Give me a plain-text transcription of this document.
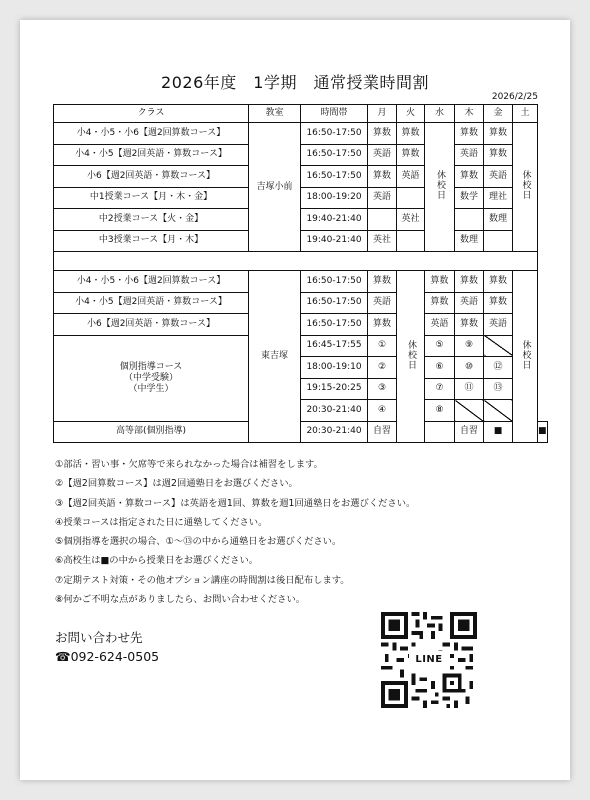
2026年度　1学期　通常授業時間割
2026/2/25
クラス	教室	時間帯	月	火	水	木	金	土	
小4・小5・小6【週2回算数コース】	吉塚小前	16:50-17:50	算数	算数	休校日	算数	算数	休校日	
小4・小5【週2回英語・算数コース】		16:50-17:50	英語	算数		英語	算数		
小6【週2回英語・算数コース】		16:50-17:50	算数	英語		算数	英語		
中1授業コース【月・木・金】		18:00-19:20	英語			数学	理社		
中2授業コース【火・金】		19:40-21:40		英社			数理		
中3授業コース【月・木】		19:40-21:40	英社			数理			

小4・小5・小6【週2回算数コース】	東吉塚	16:50-17:50	算数	休校日	算数	算数	算数	休校日	
小4・小5【週2回英語・算数コース】		16:50-17:50	英語		算数	英語	算数		
小6【週2回英語・算数コース】		16:50-17:50	算数		英語	算数	英語		

個別指導コース
（中学受験）
（中学生）		16:45-17:55	①		⑤	⑨			
		18:00-19:10	②		⑥	⑩	⑫		
		19:15-20:25	③		⑦	⑪	⑬		
		20:30-21:40	④		⑧				
高等部(個別指導)		20:30-21:40	自習			自習	■		■
①部活・習い事・欠席等で来られなかった場合は補習をします。
②【週2回算数コース】は週2回通塾日をお選びください。
③【週2回英語・算数コース】は英語を週1回、算数を週1回通塾日をお選びください。
④授業コースは指定された日に通塾してください。
⑤個別指導を選択の場合、①〜⑬の中から通塾日をお選びください。
⑥高校生は■の中から授業日をお選びください。
⑦定期テスト対策・その他オプション講座の時間割は後日配布します。
⑧何かご不明な点がありましたら、お問い合わせください。
お問い合わせ先
☎092-624-0505	LINE
